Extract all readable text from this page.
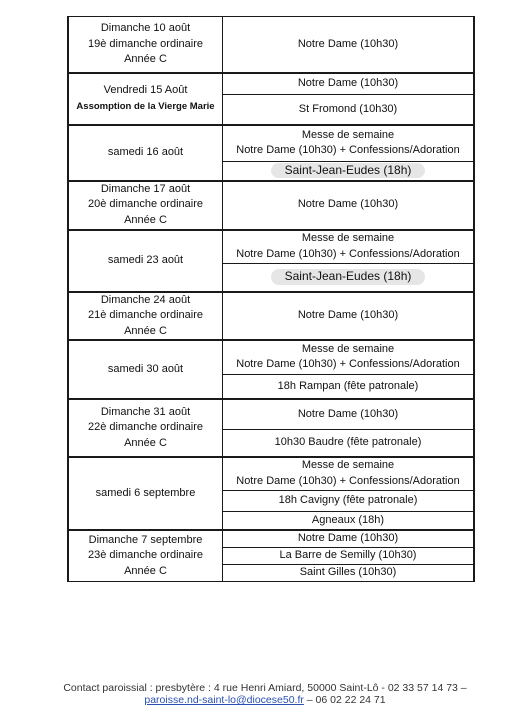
Dimanche 10 août
19è dimanche ordinaire
Année C	Notre Dame (10h30)

Vendredi 15 Août
Assomption de la Vierge Marie	Notre Dame (10h30)

	St Fromond (10h30)

samedi 16 août	Messe de semaine
Notre Dame (10h30) + Confessions/Adoration

	Saint-Jean-Eudes (18h)

Dimanche 17 août
20è dimanche ordinaire
Année C	Notre Dame (10h30)

samedi 23 août	Messe de semaine
Notre Dame (10h30) + Confessions/Adoration

	Saint-Jean-Eudes (18h)

Dimanche 24 août
21è dimanche ordinaire
Année C	Notre Dame (10h30)

samedi 30 août	Messe de semaine
Notre Dame (10h30) + Confessions/Adoration

	18h Rampan (fête patronale)

Dimanche 31 août
22è dimanche ordinaire
Année C	Notre Dame (10h30)

	10h30 Baudre (fête patronale)

samedi 6 septembre	Messe de semaine
Notre Dame (10h30) + Confessions/Adoration

	18h Cavigny (fête patronale)

	Agneaux (18h)

Dimanche 7 septembre
23è dimanche ordinaire
Année C	Notre Dame (10h30)

	La Barre de Semilly (10h30)

	Saint Gilles (10h30)
Contact paroissial : presbytère : 4 rue Henri Amiard, 50000 Saint-Lô - 02 33 57 14 73 –
paroisse.nd-saint-lo@diocese50.fr – 06 02 22 24 71
